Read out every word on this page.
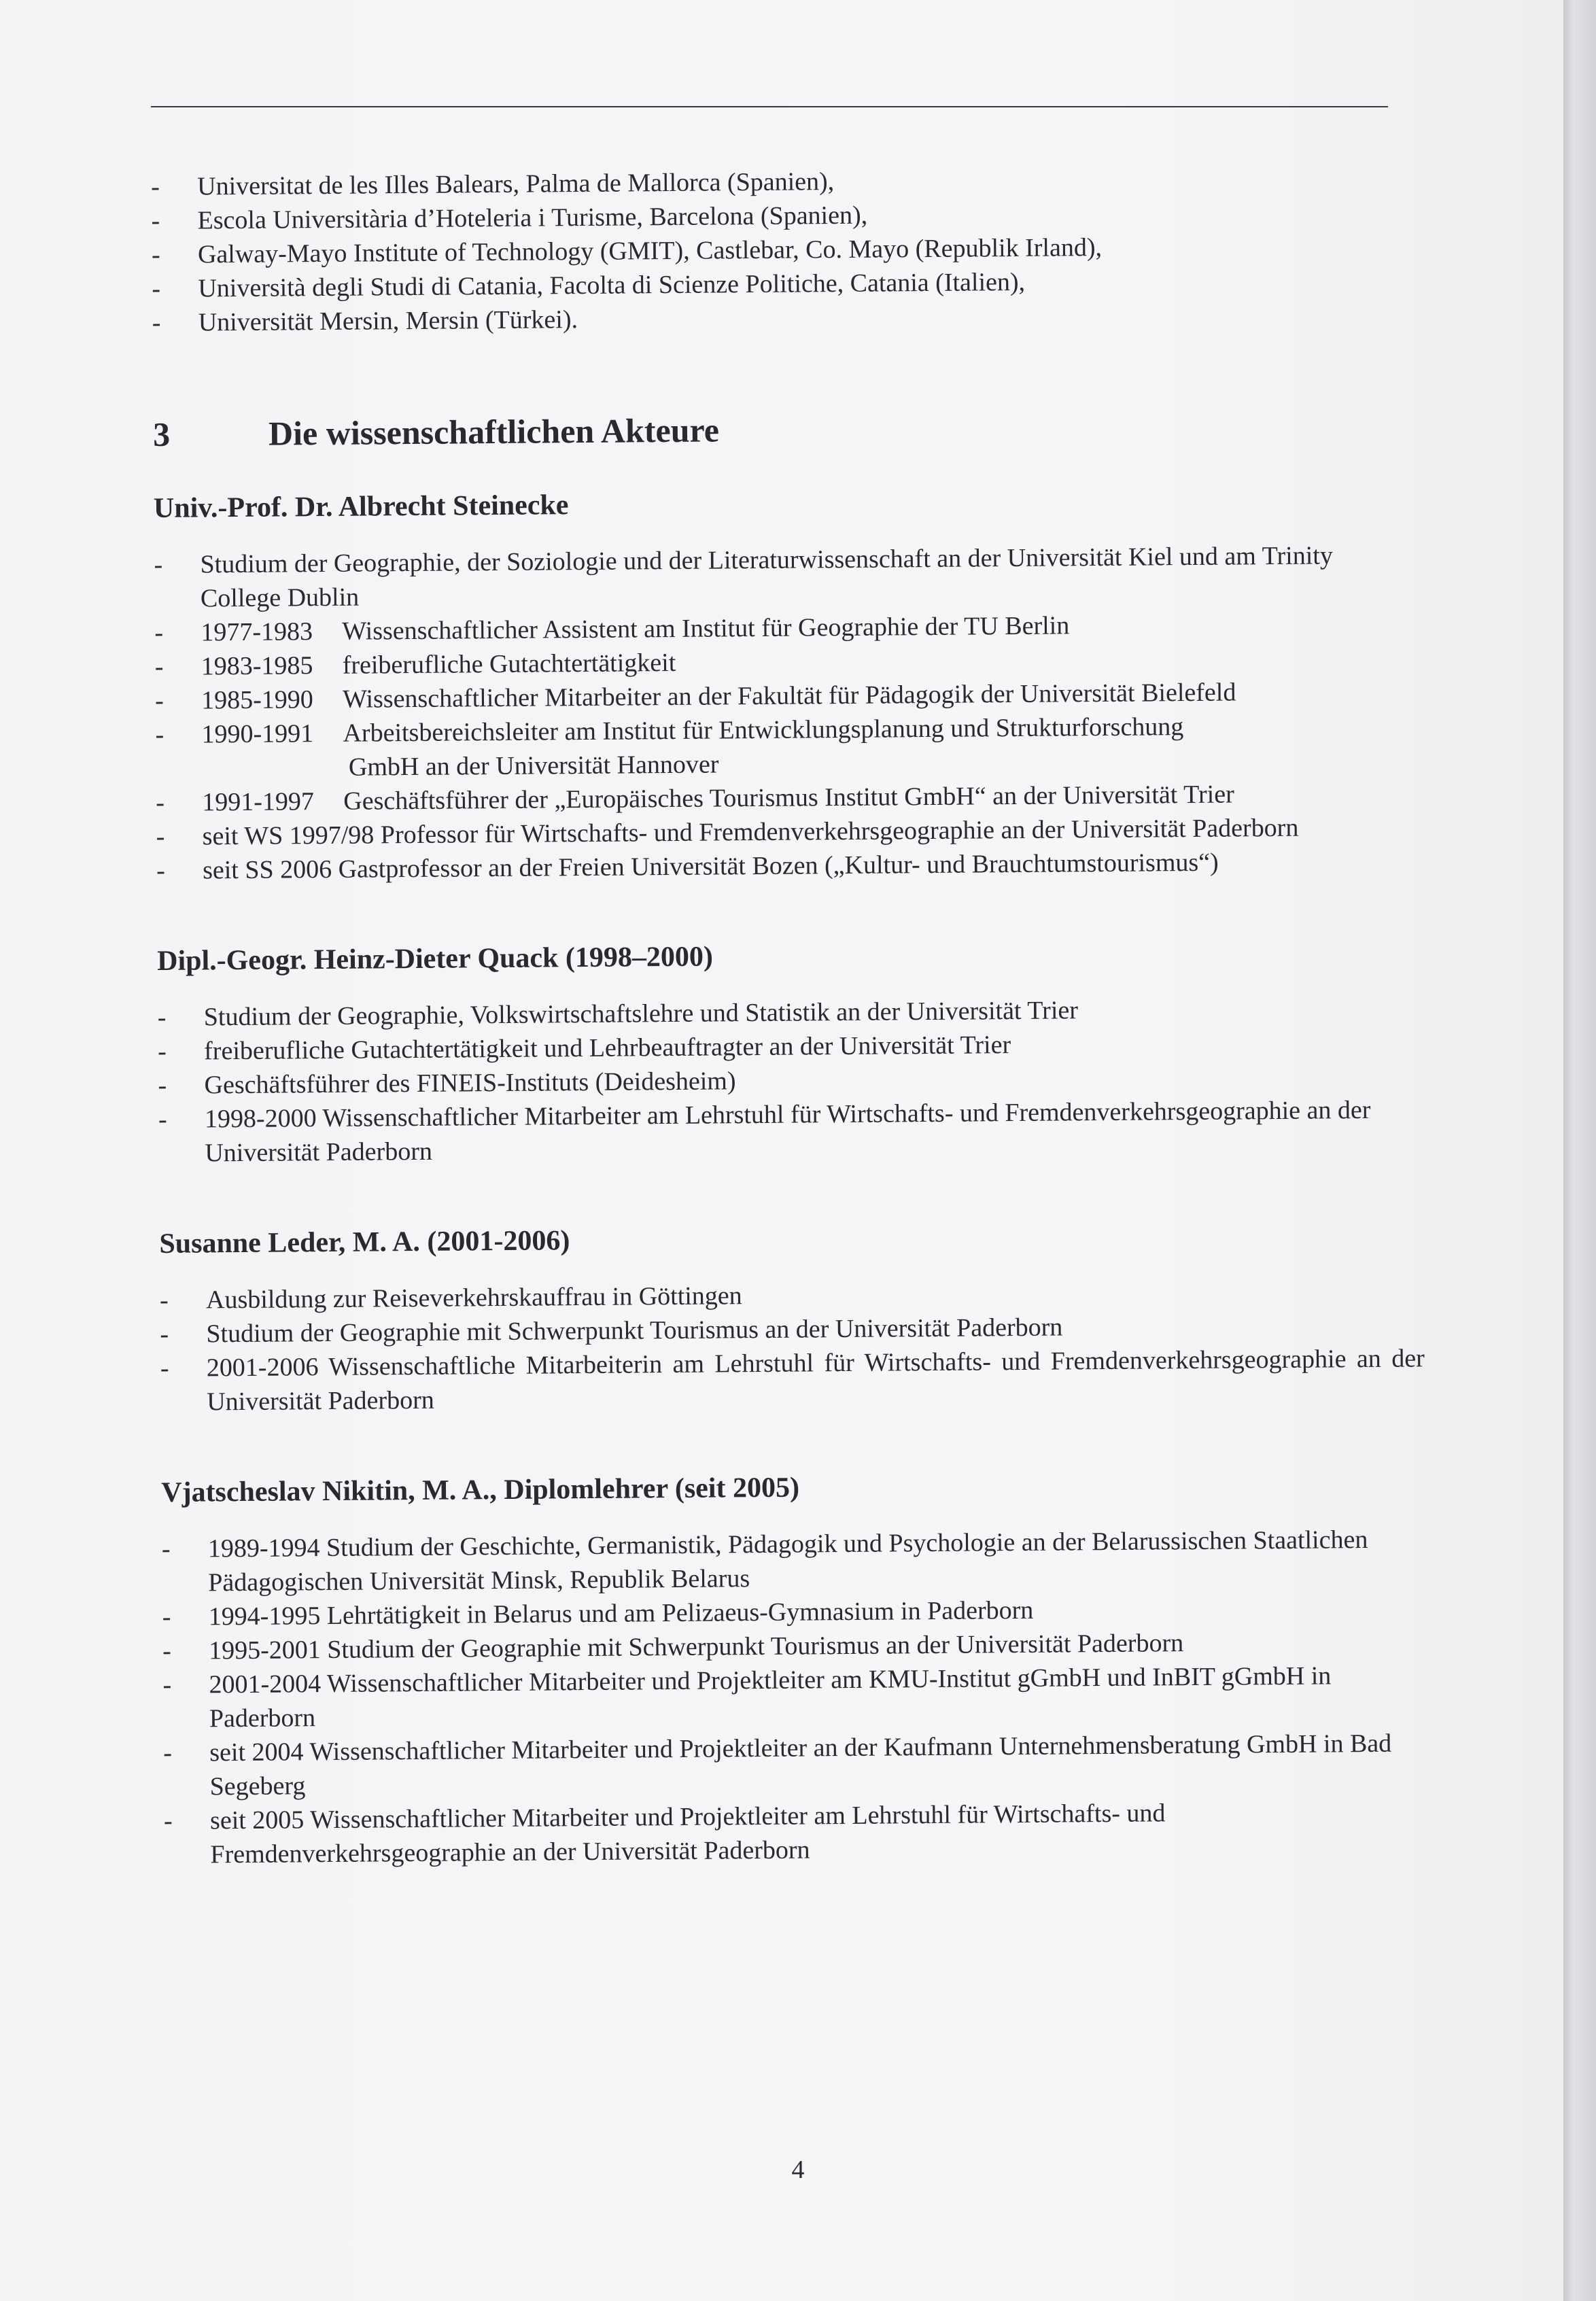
- Universitat de les Illes Balears, Palma de Mallorca (Spanien),
- Escola Universitària d’Hoteleria i Turisme, Barcelona (Spanien),
- Galway-Mayo Institute of Technology (GMIT), Castlebar, Co. Mayo (Republik Irland),
- Università degli Studi di Catania, Facolta di Scienze Politiche, Catania (Italien),
- Universität Mersin, Mersin (Türkei).
3	Die wissenschaftlichen Akteure
Univ.-Prof. Dr. Albrecht Steinecke
- Studium der Geographie, der Soziologie und der Literaturwissenschaft an der Universität Kiel und am Trinity College Dublin
- 1977-1983 Wissenschaftlicher Assistent am Institut für Geographie der TU Berlin
- 1983-1985 freiberufliche Gutachtertätigkeit
- 1985-1990 Wissenschaftlicher Mitarbeiter an der Fakultät für Pädagogik der Universität Bielefeld
- 1990-1991 Arbeitsbereichsleiter am Institut für Entwicklungsplanung und Strukturforschung
GmbH an der Universität Hannover
- 1991-1997 Geschäftsführer der „Europäisches Tourismus Institut GmbH“ an der Universität Trier
- seit WS 1997/98 Professor für Wirtschafts- und Fremdenverkehrsgeographie an der Universität Paderborn
- seit SS 2006 Gastprofessor an der Freien Universität Bozen („Kultur- und Brauchtumstourismus“)
Dipl.-Geogr. Heinz-Dieter Quack (1998–2000)
- Studium der Geographie, Volkswirtschaftslehre und Statistik an der Universität Trier
- freiberufliche Gutachtertätigkeit und Lehrbeauftragter an der Universität Trier
- Geschäftsführer des FINEIS-Instituts (Deidesheim)
- 1998-2000 Wissenschaftlicher Mitarbeiter am Lehrstuhl für Wirtschafts- und Fremdenverkehrsgeographie an der Universität Paderborn
Susanne Leder, M. A. (2001-2006)
- Ausbildung zur Reiseverkehrskauffrau in Göttingen
- Studium der Geographie mit Schwerpunkt Tourismus an der Universität Paderborn
- 2001-2006 Wissenschaftliche Mitarbeiterin am Lehrstuhl für Wirtschafts- und Fremdenverkehrsgeographie an der Universität Paderborn
Vjatscheslav Nikitin, M. A., Diplomlehrer (seit 2005)
- 1989-1994 Studium der Geschichte, Germanistik, Pädagogik und Psychologie an der Belarussischen Staatlichen Pädagogischen Universität Minsk, Republik Belarus
- 1994-1995 Lehrtätigkeit in Belarus und am Pelizaeus-Gymnasium in Paderborn
- 1995-2001 Studium der Geographie mit Schwerpunkt Tourismus an der Universität Paderborn
- 2001-2004 Wissenschaftlicher Mitarbeiter und Projektleiter am KMU-Institut gGmbH und InBIT gGmbH in Paderborn
- seit 2004 Wissenschaftlicher Mitarbeiter und Projektleiter an der Kaufmann Unternehmensberatung GmbH in Bad Segeberg
- seit 2005 Wissenschaftlicher Mitarbeiter und Projektleiter am Lehrstuhl für Wirtschafts- und Fremdenverkehrsgeographie an der Universität Paderborn
4
